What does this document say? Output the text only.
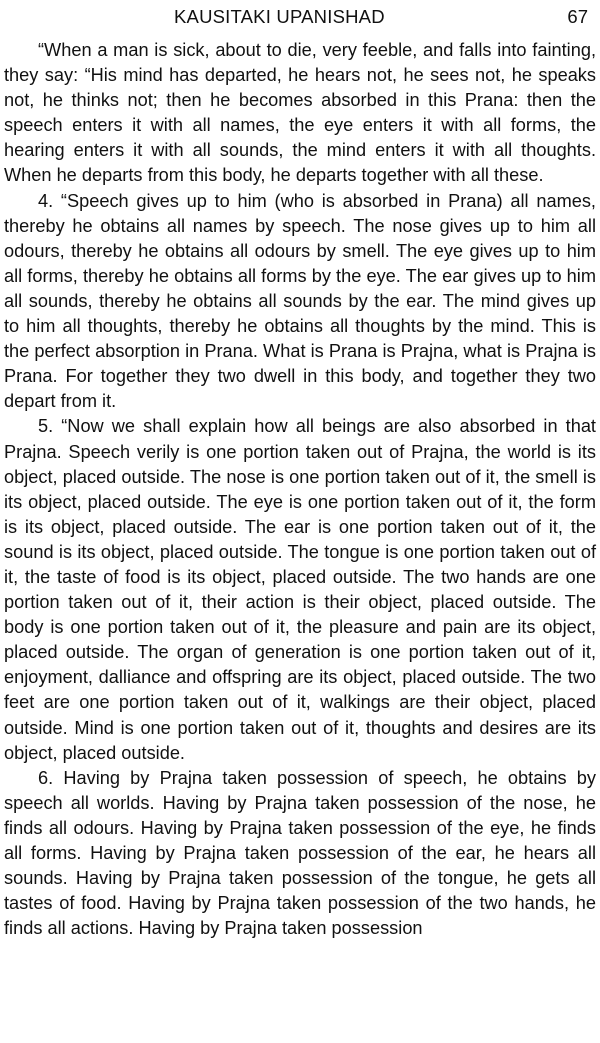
KAUSITAKI UPANISHAD	67

“When a man is sick, about to die, very feeble, and falls into fainting, they say: “His mind has departed, he hears not, he sees not, he speaks not, he thinks not; then he becomes absorbed in this Prana: then the speech enters it with all names, the eye enters it with all forms, the hearing enters it with all sounds, the mind enters it with all thoughts. When he departs from this body, he departs together with all these.

4. “Speech gives up to him (who is absorbed in Prana) all names, thereby he obtains all names by speech. The nose gives up to him all odours, thereby he obtains all odours by smell. The eye gives up to him all forms, thereby he obtains all forms by the eye. The ear gives up to him all sounds, thereby he obtains all sounds by the ear. The mind gives up to him all thoughts, thereby he obtains all thoughts by the mind. This is the perfect absorption in Prana. What is Prana is Prajna, what is Prajna is Prana. For together they two dwell in this body, and together they two depart from it.

5. “Now we shall explain how all beings are also absorbed in that Prajna. Speech verily is one portion taken out of Prajna, the world is its object, placed outside. The nose is one portion taken out of it, the smell is its object, placed outside. The eye is one portion taken out of it, the form is its object, placed outside. The ear is one portion taken out of it, the sound is its object, placed outside. The tongue is one portion taken out of it, the taste of food is its object, placed outside. The two hands are one portion taken out of it, their action is their object, placed outside. The body is one portion taken out of it, the pleasure and pain are its object, placed outside. The organ of generation is one portion taken out of it, enjoyment, dalliance and offspring are its object, placed outside. The two feet are one portion taken out of it, walkings are their object, placed outside. Mind is one portion taken out of it, thoughts and desires are its object, placed outside.

6. Having by Prajna taken possession of speech, he obtains by speech all worlds. Having by Prajna taken possession of the nose, he finds all odours. Having by Prajna taken possession of the eye, he finds all forms. Having by Prajna taken possession of the ear, he hears all sounds. Having by Prajna taken possession of the tongue, he gets all tastes of food. Having by Prajna taken possession of the two hands, he finds all actions. Having by Prajna taken possession
